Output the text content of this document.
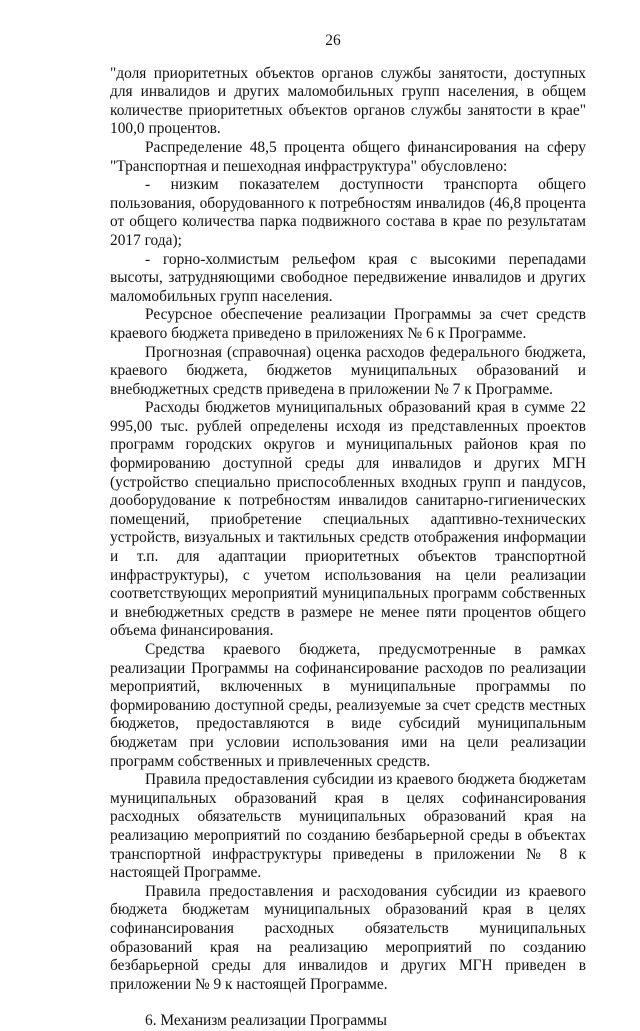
26

"доля приоритетных объектов органов службы занятости, доступных для инвалидов и других маломобильных групп населения, в общем количестве приоритетных объектов органов службы занятости в крае" 100,0 процентов.

Распределение 48,5 процента общего финансирования на сферу "Транспортная и пешеходная инфраструктура" обусловлено:

- низким показателем доступности транспорта общего пользования, оборудованного к потребностям инвалидов (46,8 процента от общего количества парка подвижного состава в крае по результатам 2017 года);

- горно-холмистым рельефом края с высокими перепадами высоты, затрудняющими свободное передвижение инвалидов и других маломобильных групп населения.

Ресурсное обеспечение реализации Программы за счет средств краевого бюджета приведено в приложениях № 6 к Программе.

Прогнозная (справочная) оценка расходов федерального бюджета, краевого бюджета, бюджетов муниципальных образований и внебюджетных средств приведена в приложении № 7 к Программе.

Расходы бюджетов муниципальных образований края в сумме 22 995,00 тыс. рублей определены исходя из представленных проектов программ городских округов и муниципальных районов края по формированию доступной среды для инвалидов и других МГН (устройство специально приспособленных входных групп и пандусов, дооборудование к потребностям инвалидов санитарно-гигиенических помещений, приобретение специальных адаптивно-технических устройств, визуальных и тактильных средств отображения информации и т.п. для адаптации приоритетных объектов транспортной инфраструктуры), с учетом использования на цели реализации соответствующих мероприятий муниципальных программ собственных и внебюджетных средств в размере не менее пяти процентов общего объема финансирования.

Средства краевого бюджета, предусмотренные в рамках реализации Программы на софинансирование расходов по реализации мероприятий, включенных в муниципальные программы по формированию доступной среды, реализуемые за счет средств местных бюджетов, предоставляются в виде субсидий муниципальным бюджетам при условии использования ими на цели реализации программ собственных и привлеченных средств.

Правила предоставления субсидии из краевого бюджета бюджетам муниципальных образований края в целях софинансирования расходных обязательств муниципальных образований края на реализацию мероприятий по созданию безбарьерной среды в объектах транспортной инфраструктуры приведены в приложении № 8 к настоящей Программе.

Правила предоставления и расходования субсидии из краевого бюджета бюджетам муниципальных образований края в целях софинансирования расходных обязательств муниципальных образований края на реализацию мероприятий по созданию безбарьерной среды для инвалидов и других МГН приведен в приложении № 9 к настоящей Программе.

6. Механизм реализации Программы
